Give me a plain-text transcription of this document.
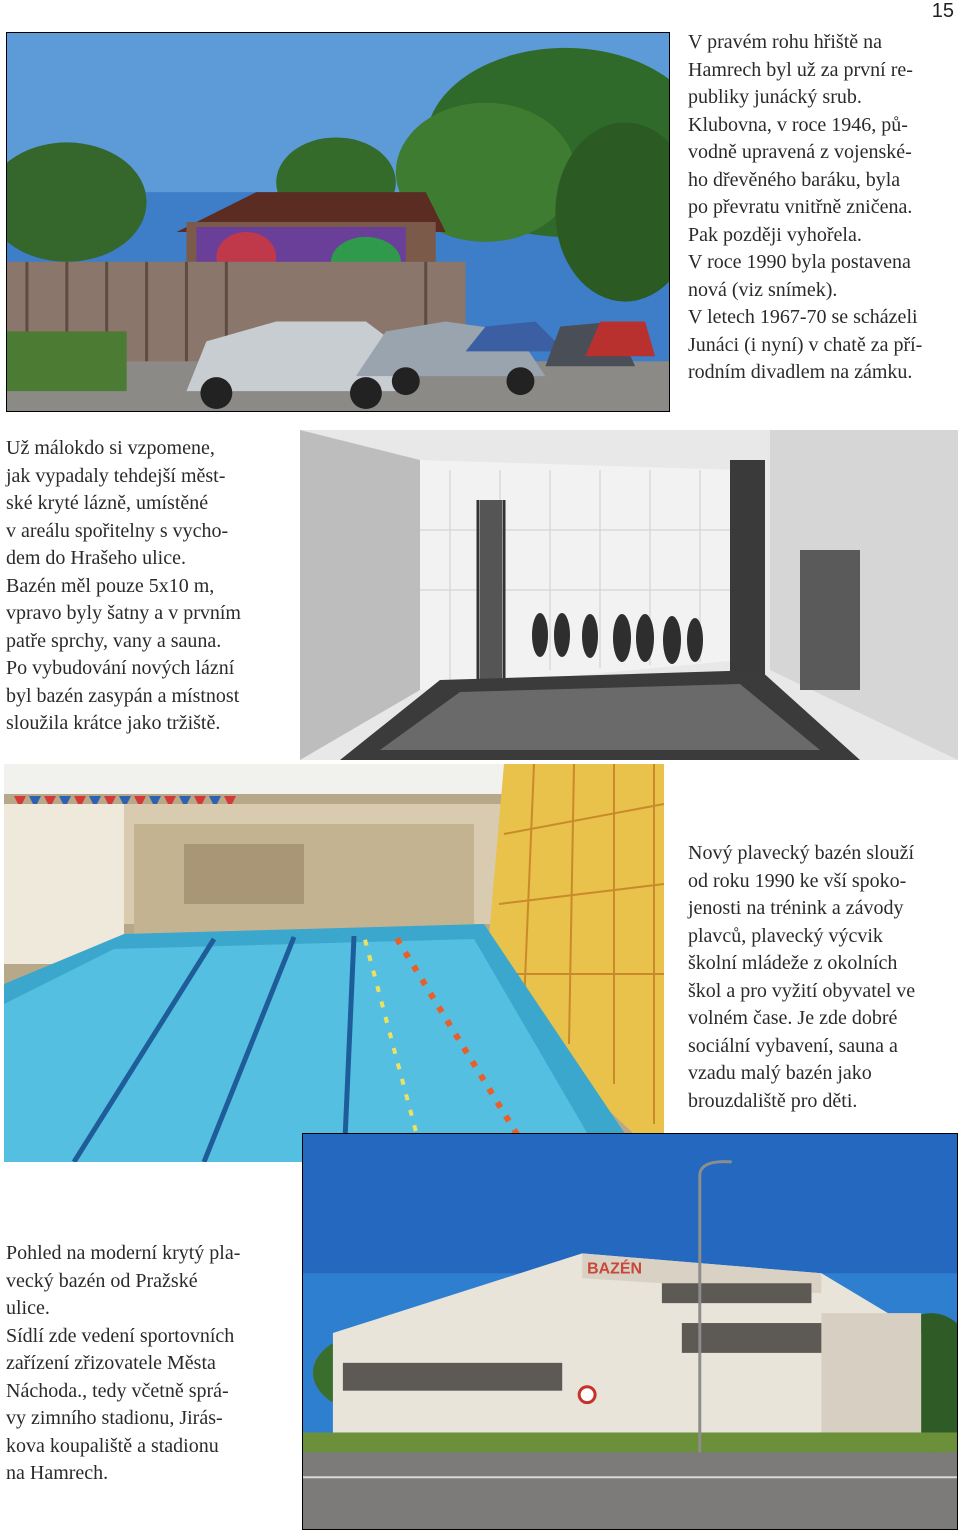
15

V pravém rohu hřiště na

Hamrech byl už za první re-

publiky junácký srub.

Klubovna, v roce 1946, pů-

vodně upravená z vojenské-

ho dřevěného baráku, byla

po převratu vnitřně zničena.

Pak později vyhořela.

V roce 1990 byla postavena

nová (viz snímek).

V letech 1967-70 se scházeli

Junáci (i nyní) v chatě za pří-

rodním divadlem na zámku.

Už málokdo si vzpomene,

jak vypadaly tehdejší měst-

ské kryté lázně, umístěné

v areálu spořitelny s vycho-

dem do Hrašeho ulice.

Bazén měl pouze 5x10 m,

vpravo byly šatny a v prvním

patře sprchy, vany a sauna.

Po vybudování nových lázní

byl bazén zasypán a místnost

sloužila krátce jako tržiště.

Nový plavecký bazén slouží

od roku 1990 ke vší spoko-

jenosti na trénink a závody

plavců, plavecký výcvik

školní mládeže z okolních

škol a pro vyžití obyvatel ve

volném čase. Je zde dobré

sociální vybavení, sauna a

vzadu malý bazén jako

brouzdaliště pro děti.

Pohled na moderní krytý pla-

vecký bazén od Pražské

ulice.

Sídlí zde vedení sportovních

zařízení zřizovatele Města

Náchoda., tedy včetně sprá-

vy zimního stadionu, Jirás-

kova koupaliště a stadionu

na Hamrech.

BAZÉN
